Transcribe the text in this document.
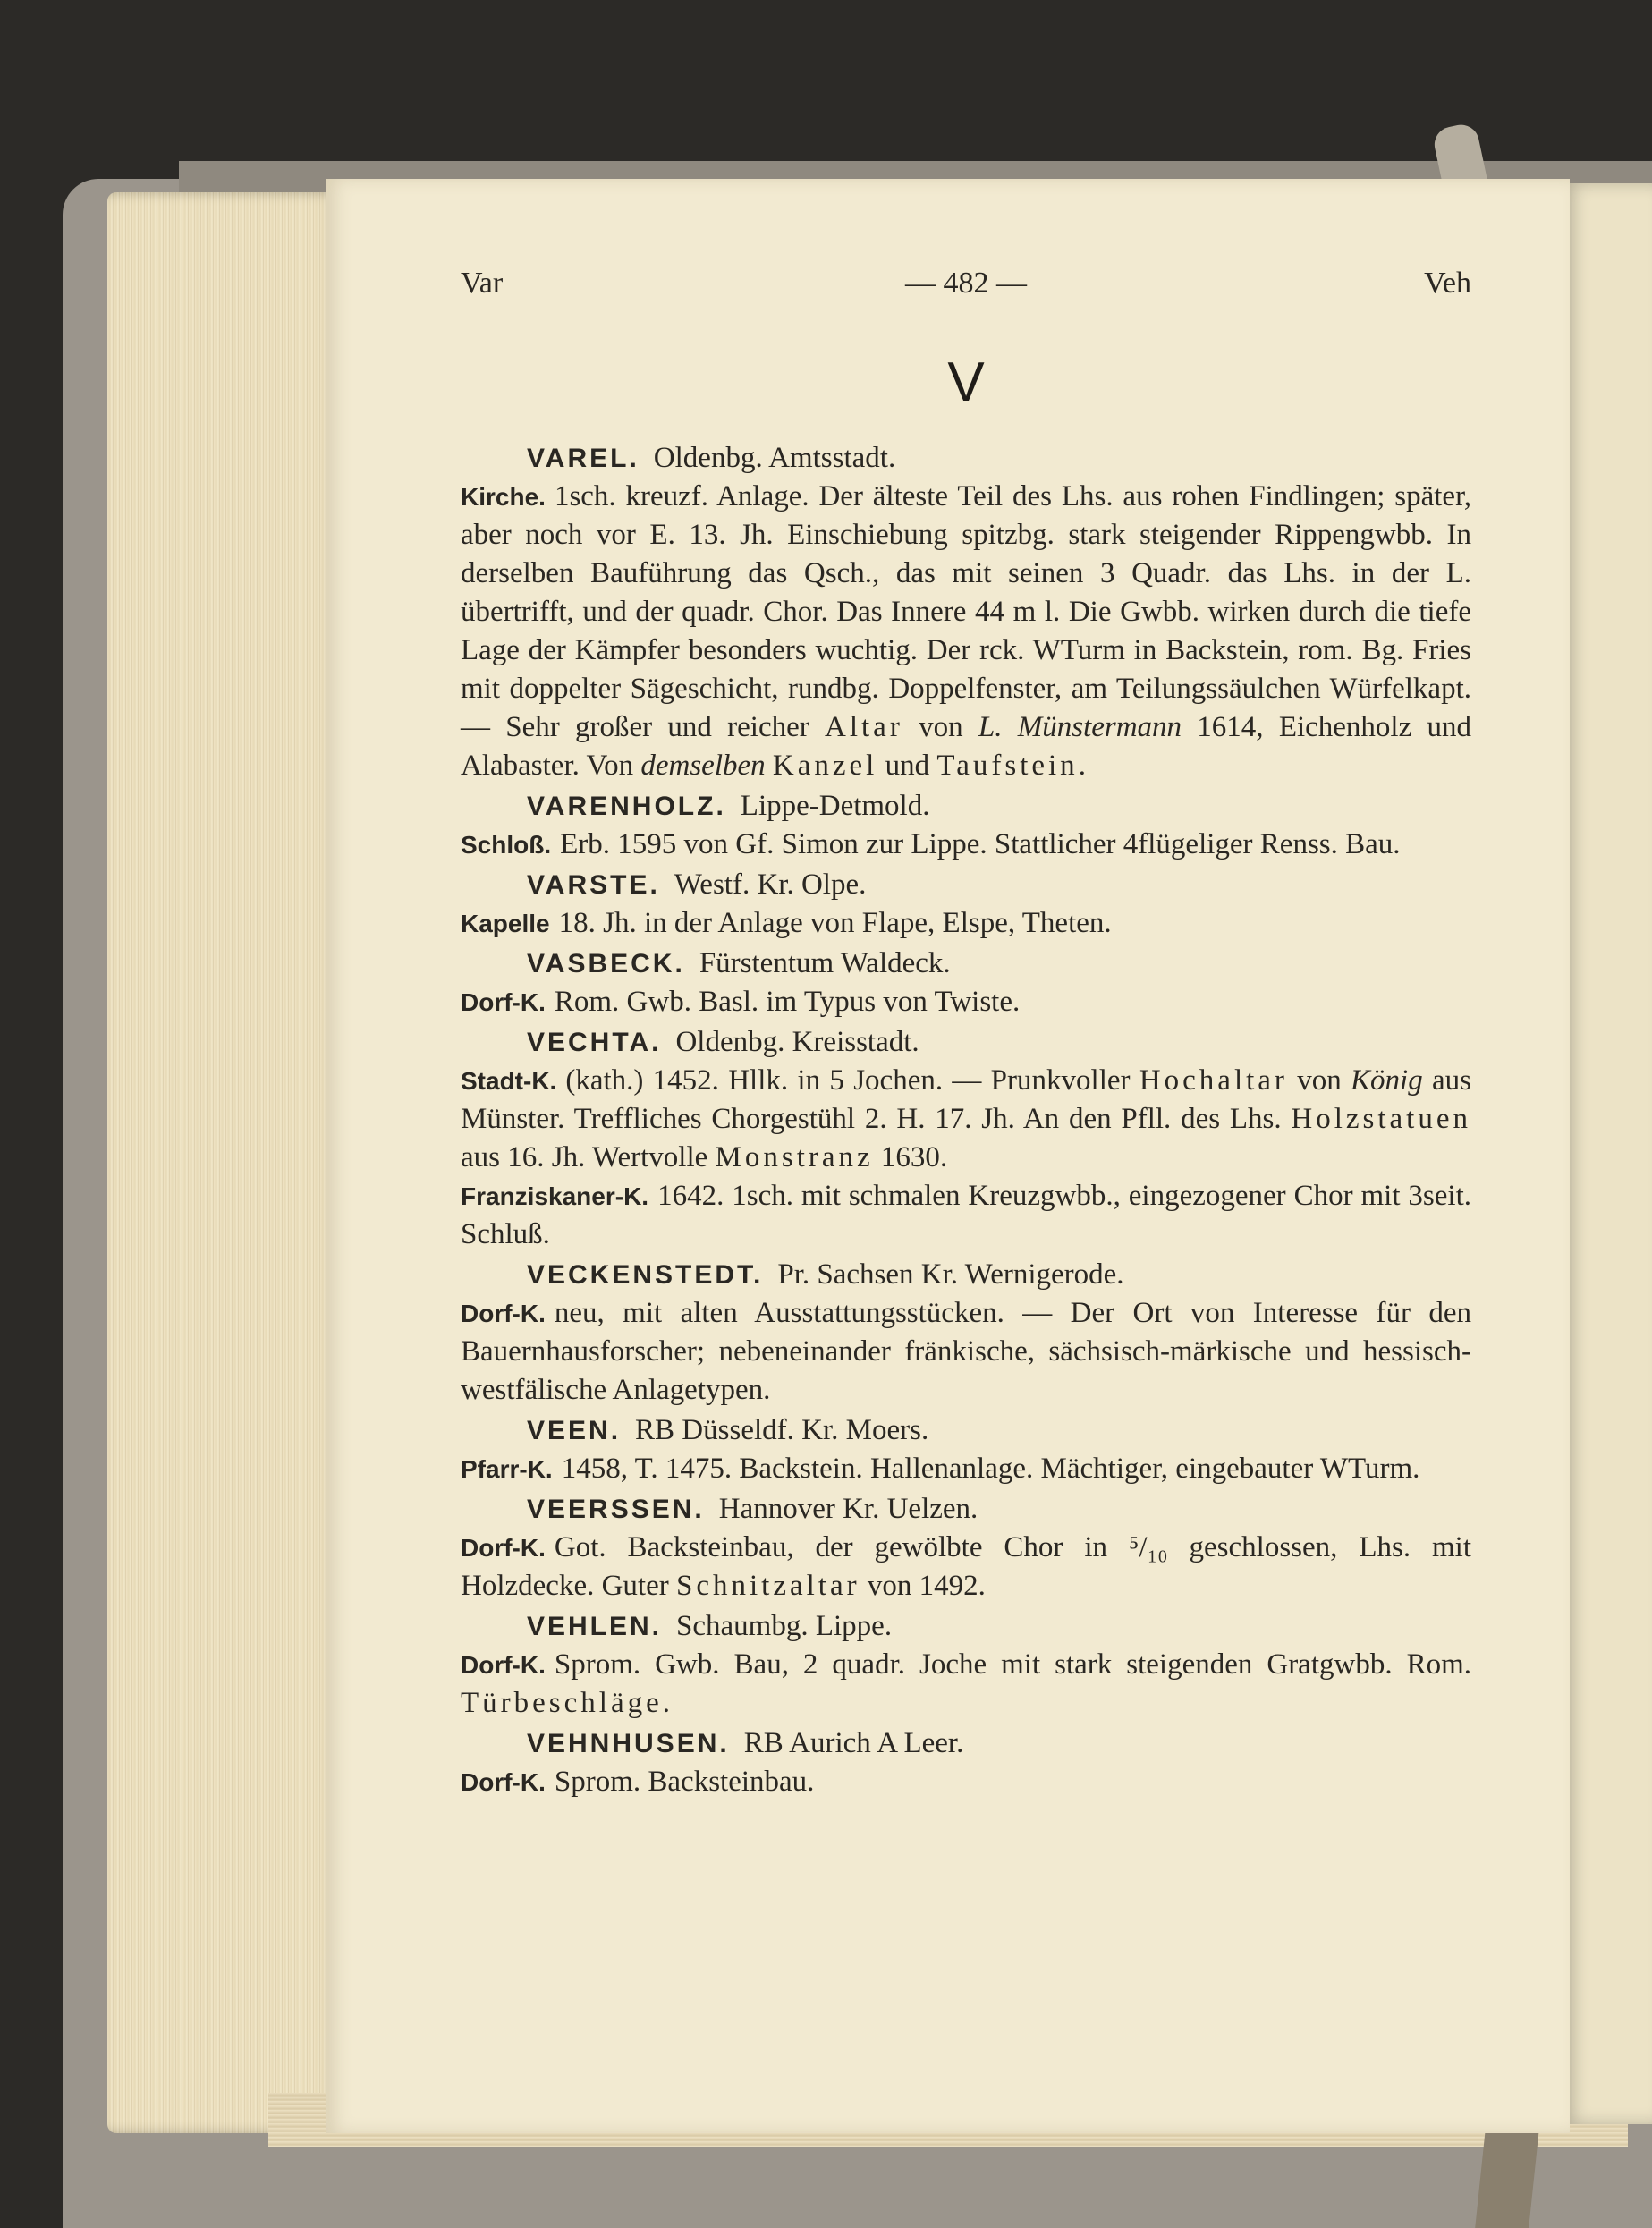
Var	— 482 —	Veh
V
VAREL. Oldenbg. Amtsstadt.

Kirche. 1sch. kreuzf. Anlage. Der älteste Teil des Lhs. aus rohen Findlingen; später, aber noch vor E. 13. Jh. Einschiebung spitzbg. stark steigender Rippengwbb. In derselben Bauführung das Qsch., das mit seinen 3 Quadr. das Lhs. in der L. übertrifft, und der quadr. Chor. Das Innere 44 m l. Die Gwbb. wirken durch die tiefe Lage der Kämpfer besonders wuchtig. Der rck. WTurm in Backstein, rom. Bg. Fries mit doppelter Sägeschicht, rundbg. Doppelfenster, am Teilungssäulchen Würfelkapt. — Sehr großer und reicher Altar von L. Münstermann 1614, Eichenholz und Alabaster. Von demselben Kanzel und Taufstein.

VARENHOLZ. Lippe-Detmold.

Schloß. Erb. 1595 von Gf. Simon zur Lippe. Stattlicher 4flügeliger Renss. Bau.

VARSTE. Westf. Kr. Olpe.

Kapelle 18. Jh. in der Anlage von Flape, Elspe, Theten.

VASBECK. Fürstentum Waldeck.

Dorf-K. Rom. Gwb. Basl. im Typus von Twiste.

VECHTA. Oldenbg. Kreisstadt.

Stadt-K. (kath.) 1452. Hllk. in 5 Jochen. — Prunkvoller Hochaltar von König aus Münster. Treffliches Chorgestühl 2. H. 17. Jh. An den Pfll. des Lhs. Holzstatuen aus 16. Jh. Wertvolle Monstranz 1630.

Franziskaner-K. 1642. 1sch. mit schmalen Kreuzgwbb., eingezogener Chor mit 3seit. Schluß.

VECKENSTEDT. Pr. Sachsen Kr. Wernigerode.

Dorf-K. neu, mit alten Ausstattungsstücken. — Der Ort von Interesse für den Bauernhausforscher; nebeneinander fränkische, sächsisch-märkische und hessisch-westfälische Anlagetypen.

VEEN. RB Düsseldf. Kr. Moers.

Pfarr-K. 1458, T. 1475. Backstein. Hallenanlage. Mächtiger, eingebauter WTurm.

VEERSSEN. Hannover Kr. Uelzen.

Dorf-K. Got. Backsteinbau, der gewölbte Chor in ⁵/₁₀ geschlossen, Lhs. mit Holzdecke. Guter Schnitzaltar von 1492.

VEHLEN. Schaumbg. Lippe.

Dorf-K. Sprom. Gwb. Bau, 2 quadr. Joche mit stark steigenden Gratgwbb. Rom. Türbeschläge.

VEHNHUSEN. RB Aurich A Leer.

Dorf-K. Sprom. Backsteinbau.
